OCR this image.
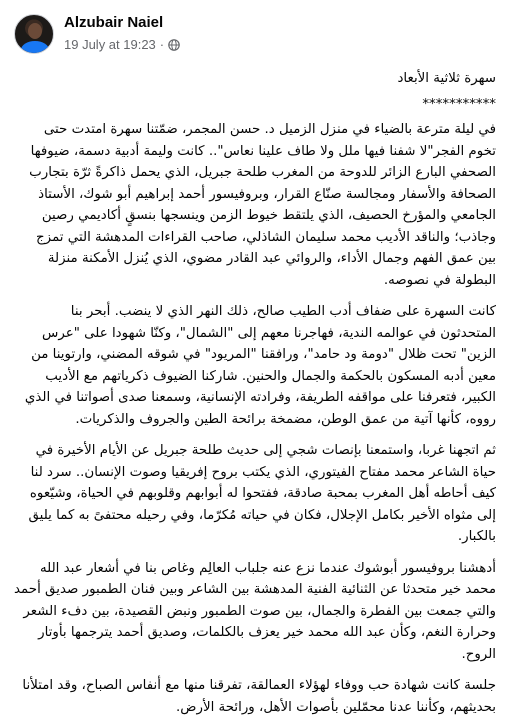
Alzubair Naiel
19 July at 19:23 ·

سهرة ثلاثية الأبعاد

***********

في ليلة مترعة بالضياء في منزل الزميل د. حسن المجمر، ضمّتنا سهرة امتدت حتى تخوم الفجر"لا شفنا فيها ملل ولا طاف علينا نعاس".. كانت وليمة أدبية دسمة، ضيوفها الصحفي البارع الزائر للدوحة من المغرب طلحة جبريل، الذي يحمل ذاكرةً ثرّة بتجارب الصحافة والأسفار ومجالسة صنّاع القرار، وبروفيسور أحمد إبراهيم أبو شوك، الأستاذ الجامعي والمؤرخ الحصيف، الذي يلتقط خيوط الزمن وينسجها بنسقٍ أكاديمي رصين وجاذب؛ والناقد الأديب محمد سليمان الشاذلي، صاحب القراءات المدهشة التي تمزج بين عمق الفهم وجمال الأداء، والروائي عبد القادر مضوي، الذي يُنزل الأمكنة منزلة البطولة في نصوصه.

كانت السهرة على ضفاف أدب الطيب صالح، ذلك النهر الذي لا ينضب. أبحر بنا المتحدثون في عوالمه الندية، فهاجرنا معهم إلى "الشمال"، وكنّا شهودا على "عرس الزين" تحت ظلال "دومة ود حامد"، ورافقنا "المريود" في شوقه المضني، وارتوينا من معين أدبه المسكون بالحكمة والجمال والحنين. شاركنا الضيوف ذكرياتهم مع الأديب الكبير، فتعرفنا على مواقفه الطريفة، وفرادته الإنسانية، وسمعنا صدى أصواتنا في الذي رووه، كأنها آتية من عمق الوطن، مضمخة برائحة الطين والجروف والذكريات.

ثم اتجهنا غربا، واستمعنا بإنصات شجي إلى حديث طلحة جبريل عن الأيام الأخيرة في حياة الشاعر محمد مفتاح الفيتوري، الذي يكتب بروح إفريقيا وصوت الإنسان.. سرد لنا كيف أحاطه أهل المغرب بمحبة صادقة، ففتحوا له أبوابهم وقلوبهم في الحياة، وشيّعوه إلى مثواه الأخير بكامل الإجلال، فكان في حياته مُكرّما، وفي رحيله محتفىً به كما يليق بالكبار.

أدهشنا بروفيسور أبوشوك عندما نزع عنه جلباب العالِم وغاص بنا في أشعار عبد الله محمد خير متحدثا عن الثنائية الفنية المدهشة بين الشاعر وبين فنان الطمبور صديق أحمد والتي جمعت بين الفطرة والجمال، بين صوت الطمبور ونبض القصيدة، بين دفء الشعر وحرارة النغم، وكأن عبد الله محمد خير يعزف بالكلمات، وصديق أحمد يترجمها بأوتار الروح.

جلسة كانت شهادة حب ووفاء لهؤلاء العمالقة، تفرقنا منها مع أنفاس الصباح، وقد امتلأنا بحديثهم، وكأننا عدنا محمّلين بأصوات الأهل، ورائحة الأرض.
